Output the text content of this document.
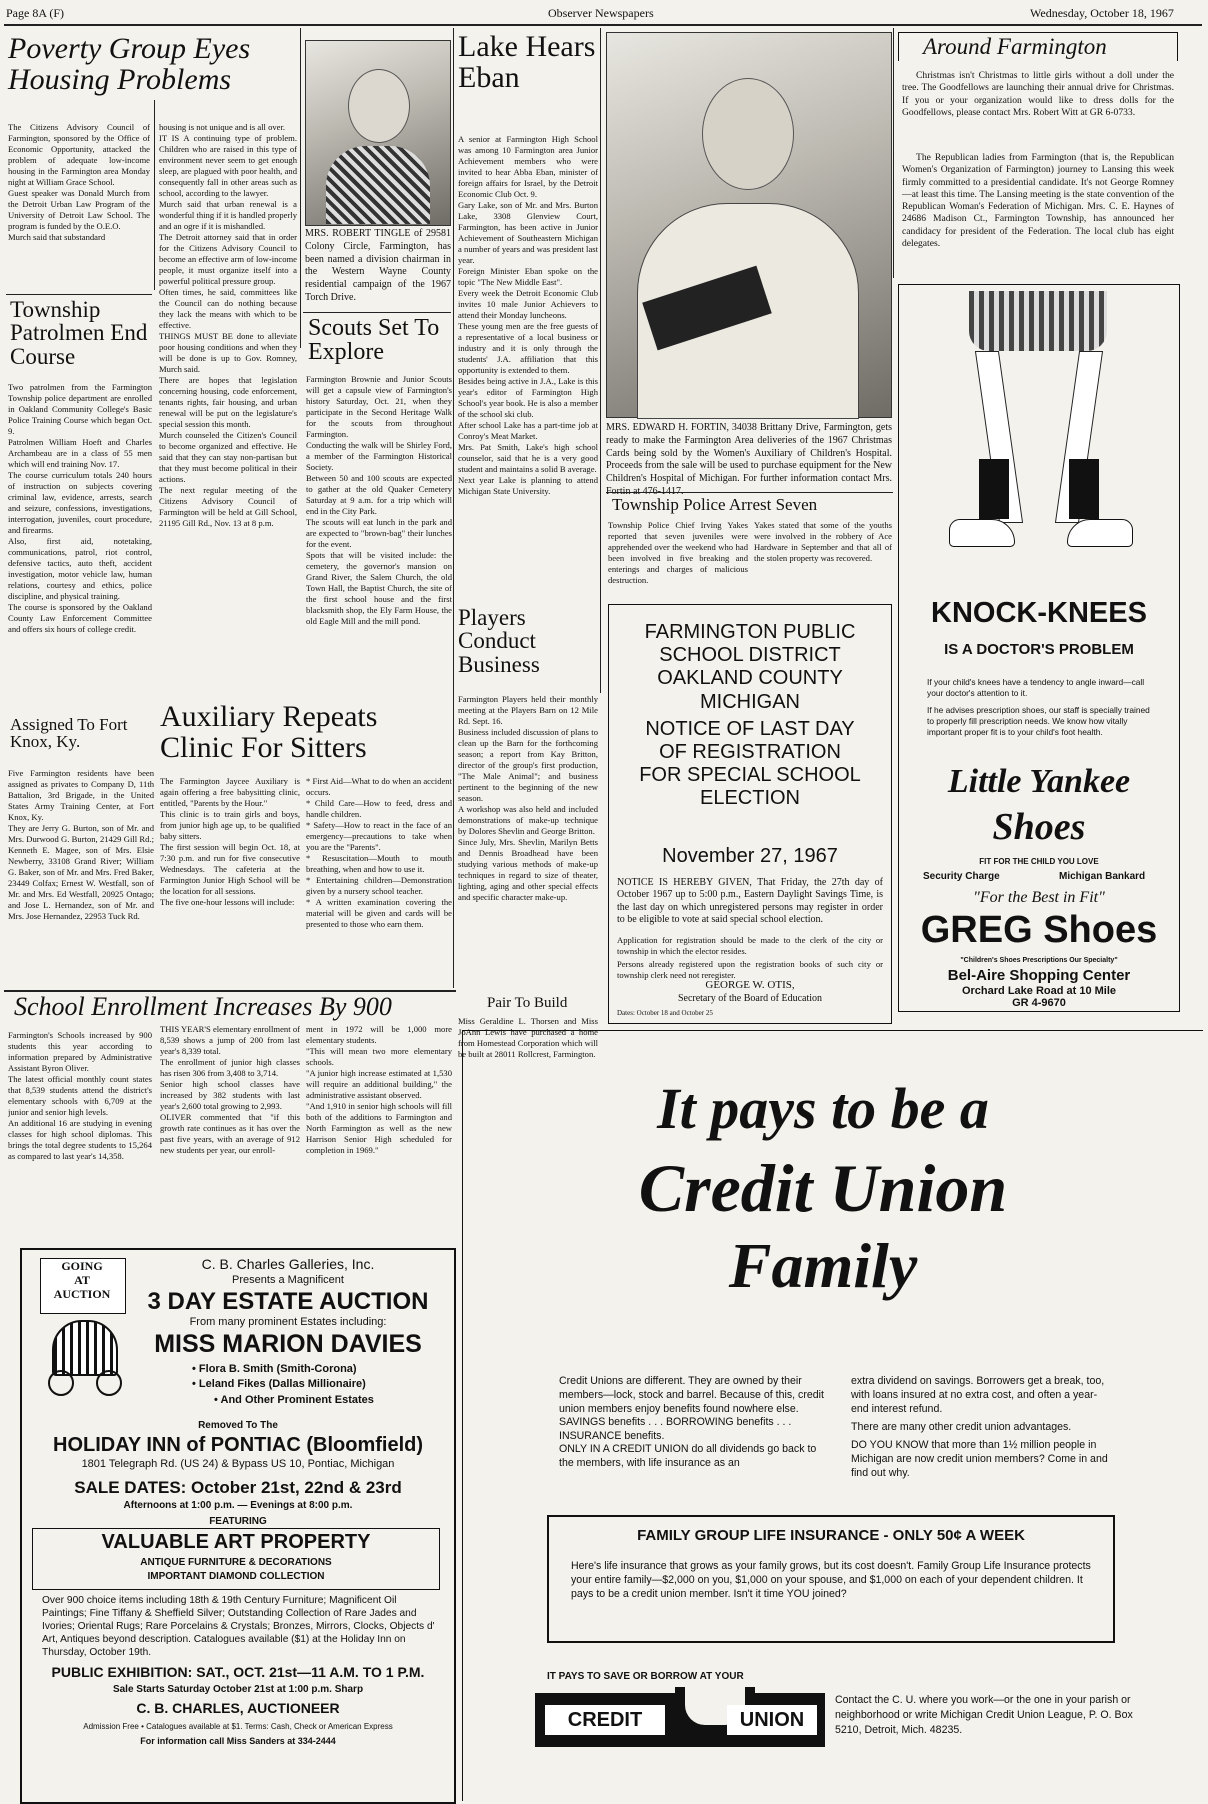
Page 8A (F)	Observer Newspapers	Wednesday, October 18, 1967
Poverty Group Eyes Housing Problems
The Citizens Advisory Council of Farmington, sponsored by the Office of Economic Opportunity, attacked the problem of adequate low-income housing in the Farmington area Monday night at William Grace School.
Guest speaker was Donald Murch from the Detroit Urban Law Program of the University of Detroit Law School. The program is funded by the O.E.O.
Murch said that substandard
housing is not unique and is all over.
IT IS A continuing type of problem. Children who are raised in this type of environment never seem to get enough sleep, are plagued with poor health, and consequently fall in other areas such as school, according to the lawyer.
Murch said that urban renewal is a wonderful thing if it is handled properly and an ogre if it is mishandled.
The Detroit attorney said that in order for the Citizens Advisory Council to become an effective arm of low-income people, it must organize itself into a powerful political pressure group.
Often times, he said, committees like the Council can do nothing because they lack the means with which to be effective.
THINGS MUST BE done to alleviate poor housing conditions and when they will be done is up to Gov. Romney, Murch said.
There are hopes that legislation concerning housing, code enforcement, tenants rights, fair housing, and urban renewal will be put on the legislature's special session this month.
Murch counseled the Citizen's Council to become organized and effective. He said that they can stay non-partisan but that they must become political in their actions.
The next regular meeting of the Citizens Advisory Council of Farmington will be held at Gill School, 21195 Gill Rd., Nov. 13 at 8 p.m.
MRS. ROBERT TINGLE of 29581 Colony Circle, Farmington, has been named a division chairman in the Western Wayne County residential campaign of the 1967 Torch Drive.
Township Patrolmen End Course
Two patrolmen from the Farmington Township police department are enrolled in Oakland Community College's Basic Police Training Course which began Oct. 9.
Patrolmen William Hoeft and Charles Archambeau are in a class of 55 men which will end training Nov. 17.
The course curriculum totals 240 hours of instruction on subjects covering criminal law, evidence, arrests, search and seizure, confessions, investigations, interrogation, juveniles, court procedure, and firearms.
Also, first aid, notetaking, communications, patrol, riot control, defensive tactics, auto theft, accident investigation, motor vehicle law, human relations, courtesy and ethics, police discipline, and physical training.
The course is sponsored by the Oakland County Law Enforcement Committee and offers six hours of college credit.
Assigned To Fort Knox, Ky.
Five Farmington residents have been assigned as privates to Company D, 11th Battalion, 3rd Brigade, in the United States Army Training Center, at Fort Knox, Ky.
They are Jerry G. Burton, son of Mr. and Mrs. Durwood G. Burton, 21429 Gill Rd.; Kenneth E. Magee, son of Mrs. Elsie Newberry, 33108 Grand River; William G. Baker, son of Mr. and Mrs. Fred Baker, 23449 Colfax; Ernest W. Westfall, son of Mr. and Mrs. Ed Westfall, 20925 Ontago; and Jose L. Hernandez, son of Mr. and Mrs. Jose Hernandez, 22953 Tuck Rd.
Scouts Set To Explore
Farmington Brownie and Junior Scouts will get a capsule view of Farmington's history Saturday, Oct. 21, when they participate in the Second Heritage Walk for the scouts from throughout Farmington.
Conducting the walk will be Shirley Ford, a member of the Farmington Historical Society.
Between 50 and 100 scouts are expected to gather at the old Quaker Cemetery Saturday at 9 a.m. for a trip which will end in the City Park.
The scouts will eat lunch in the park and are expected to "brown-bag" their lunches for the event.
Spots that will be visited include: the cemetery, the governor's mansion on Grand River, the Salem Church, the old Town Hall, the Baptist Church, the site of the first school house and the first blacksmith shop, the Ely Farm House, the old Eagle Mill and the mill pond.
Auxiliary Repeats Clinic For Sitters
The Farmington Jaycee Auxiliary is again offering a free babysitting clinic, entitled, "Parents by the Hour."
This clinic is to train girls and boys, from junior high age up, to be qualified baby sitters.
The first session will begin Oct. 18, at 7:30 p.m. and run for five consecutive Wednesdays. The cafeteria at the Farmington Junior High School will be the location for all sessions.
The five one-hour lessons will include:
* First Aid—What to do when an accident occurs.
* Child Care—How to feed, dress and handle children.
* Safety—How to react in the face of an emergency—precautions to take when you are the "Parents".
* Resuscitation—Mouth to mouth breathing, when and how to use it.
* Entertaining children—Demonstration given by a nursery school teacher.
* A written examination covering the material will be given and cards will be presented to those who earn them.
Lake Hears Eban
A senior at Farmington High School was among 10 Farmington area Junior Achievement members who were invited to hear Abba Eban, minister of foreign affairs for Israel, by the Detroit Economic Club Oct. 9.
Gary Lake, son of Mr. and Mrs. Burton Lake, 3308 Glenview Court, Farmington, has been active in Junior Achievement of Southeastern Michigan a number of years and was president last year.
Foreign Minister Eban spoke on the topic "The New Middle East".
Every week the Detroit Economic Club invites 10 male Junior Achievers to attend their Monday luncheons.
These young men are the free guests of a representative of a local business or industry and it is only through the students' J.A. affiliation that this opportunity is extended to them.
Besides being active in J.A., Lake is this year's editor of Farmington High School's year book. He is also a member of the school ski club.
After school Lake has a part-time job at Conroy's Meat Market.
Mrs. Pat Smith, Lake's high school counselor, said that he is a very good student and maintains a solid B average.
Next year Lake is planning to attend Michigan State University.
Players Conduct Business
Farmington Players held their monthly meeting at the Players Barn on 12 Mile Rd. Sept. 16.
Business included discussion of plans to clean up the Barn for the forthcoming season; a report from Kay Britton, director of the group's first production, "The Male Animal"; and business pertinent to the beginning of the new season.
A workshop was also held and included demonstrations of make-up technique by Dolores Shevlin and George Britton.
Since July, Mrs. Shevlin, Marilyn Betts and Dennis Broadhead have been studying various methods of make-up techniques in regard to size of theater, lighting, aging and other special effects and specific character make-up.
Pair To Build
Miss Geraldine L. Thorsen and Miss JoAnn Lewis have purchased a home from Homestead Corporation which will be built at 28011 Rollcrest, Farmington.
MRS. EDWARD H. FORTIN, 34038 Brittany Drive, Farmington, gets ready to make the Farmington Area deliveries of the 1967 Christmas Cards being sold by the Women's Auxiliary of Children's Hospital. Proceeds from the sale will be used to purchase equipment for the New Children's Hospital of Michigan. For further information contact Mrs.
Township Police Arrest Seven
Township Police Chief Irving Yakes reported that seven juveniles were apprehended over the weekend who had been involved in five breaking and enterings and charges of malicious destruction.
Yakes stated that some of the youths were involved in the robbery of Ace Hardware in September and that all of the stolen property was recovered.
FARMINGTON PUBLIC
SCHOOL DISTRICT
OAKLAND COUNTY
MICHIGAN
NOTICE OF LAST DAY
OF REGISTRATION
FOR SPECIAL SCHOOL
ELECTION
November 27, 1967
NOTICE IS HEREBY GIVEN, That Friday, the 27th day of October 1967 up to 5:00 p.m., Eastern Daylight Savings Time, is the last day on which unregistered persons may register in order to be eligible to vote at said special school election.
Application for registration should be made to the clerk of the city or township in which the elector resides.
Persons already registered upon the registration books of such city or township clerk need not reregister.
GEORGE W. OTIS,
Secretary of the Board of Education
Dates: October 18 and October 25
Around Farmington
Christmas isn't Christmas to little girls without a doll under the tree. The Goodfellows are launching their annual drive for Christmas. If you or your organization would like to dress dolls for the Goodfellows, please contact Mrs. Robert Witt at GR 6-0733.
The Republican ladies from Farmington (that is, the Republican Women's Organization of Farmington) journey to Lansing this week firmly committed to a presidential candidate. It's not George Romney—at least this time. The Lansing meeting is the state convention of the Republican Woman's Federation of Michigan. Mrs. C. E. Haynes of 24686 Madison Ct., Farmington Township, has announced her candidacy for president of the Federation. The local club has eight delegates.
KNOCK-KNEES
IS A DOCTOR'S PROBLEM
If your child's knees have a tendency to angle inward—call your doctor's attention to it.
If he advises prescription shoes, our staff is specially trained to properly fill prescription needs. We know how vitally important proper fit is to your child's foot health.
Little Yankee
Shoes
FIT FOR THE CHILD YOU LOVE
Security Charge	Michigan Bankard
"For the Best in Fit"
GREG Shoes
"Children's Shoes Prescriptions Our Specialty"
Bel-Aire Shopping Center
Orchard Lake Road at 10 Mile
GR 4-9670
School Enrollment Increases By 900
Farmington's Schools increased by 900 students this year according to information prepared by Administrative Assistant Byron Oliver.
The latest official monthly count states that 8,539 students attend the district's elementary schools with 6,709 at the junior and senior high levels.
An additional 16 are studying in evening classes for high school diplomas. This brings the total degree students to 15,264 as compared to last year's 14,358.
THIS YEAR'S elementary enrollment of 8,539 shows a jump of 200 from last year's 8,339 total.
The enrollment of junior high classes has risen 306 from 3,408 to 3,714.
Senior high school classes have increased by 382 students with last year's 2,600 total growing to 2,993.
OLIVER commented that "if this growth rate continues as it has over the past five years, with an average of 912 new students per year, our enroll-
ment in 1972 will be 1,000 more elementary students.
"This will mean two more elementary schools.
"A junior high increase estimated at 1,530 will require an additional building," the administrative assistant observed.
"And 1,910 in senior high schools will fill both of the additions to Farmington and North Farmington as well as the new Harrison Senior High scheduled for completion in 1969."
GOING
AT
AUCTION
C. B. Charles Galleries, Inc.
Presents a Magnificent
3 DAY ESTATE AUCTION
From many prominent Estates including:
MISS MARION DAVIES
• Flora B. Smith (Smith-Corona)
• Leland Fikes (Dallas Millionaire)
• And Other Prominent Estates
Removed To The
HOLIDAY INN of PONTIAC (Bloomfield)
1801 Telegraph Rd. (US 24) & Bypass US 10, Pontiac, Michigan
SALE DATES: October 21st, 22nd & 23rd
Afternoons at 1:00 p.m. — Evenings at 8:00 p.m.
FEATURING
VALUABLE ART PROPERTY
ANTIQUE FURNITURE & DECORATIONS
IMPORTANT DIAMOND COLLECTION
Over 900 choice items including 18th & 19th Century Furniture; Magnificent Oil Paintings; Fine Tiffany & Sheffield Silver; Outstanding Collection of Rare Jades and Ivories; Oriental Rugs; Rare Porcelains & Crystals; Bronzes, Mirrors, Clocks, Objects d' Art, Antiques beyond description. Catalogues available ($1) at the Holiday Inn on Thursday, October 19th.
PUBLIC EXHIBITION: SAT., OCT. 21st—11 A.M. TO 1 P.M.
Sale Starts Saturday October 21st at 1:00 p.m. Sharp
C. B. CHARLES, AUCTIONEER
Admission Free • Catalogues available at $1. Terms: Cash, Check or American Express
For information call Miss Sanders at 334-2444
It pays to be a
Credit Union
Family
Credit Unions are different. They are owned by their members—lock, stock and barrel. Because of this, credit union members enjoy benefits found nowhere else. SAVINGS benefits . . . BORROWING benefits . . . INSURANCE benefits.
ONLY IN A CREDIT UNION do all dividends go back to the members, with life insurance as an
extra dividend on savings. Borrowers get a break, too, with loans insured at no extra cost, and often a year-end interest refund.
There are many other credit union advantages.
DO YOU KNOW that more than 1½ million people in Michigan are now credit union members? Come in and find out why.
FAMILY GROUP LIFE INSURANCE - ONLY 50¢ A WEEK
Here's life insurance that grows as your family grows, but its cost doesn't. Family Group Life Insurance protects your entire family—$2,000 on you, $1,000 on your spouse, and $1,000 on each of your dependent children. It pays to be a credit union member. Isn't it time YOU joined?
IT PAYS TO SAVE OR BORROW AT YOUR
CREDIT	UNION
Contact the C. U. where you work—or the one in your parish or neighborhood or write Michigan Credit Union League, P. O. Box 5210, Detroit, Mich. 48235.
